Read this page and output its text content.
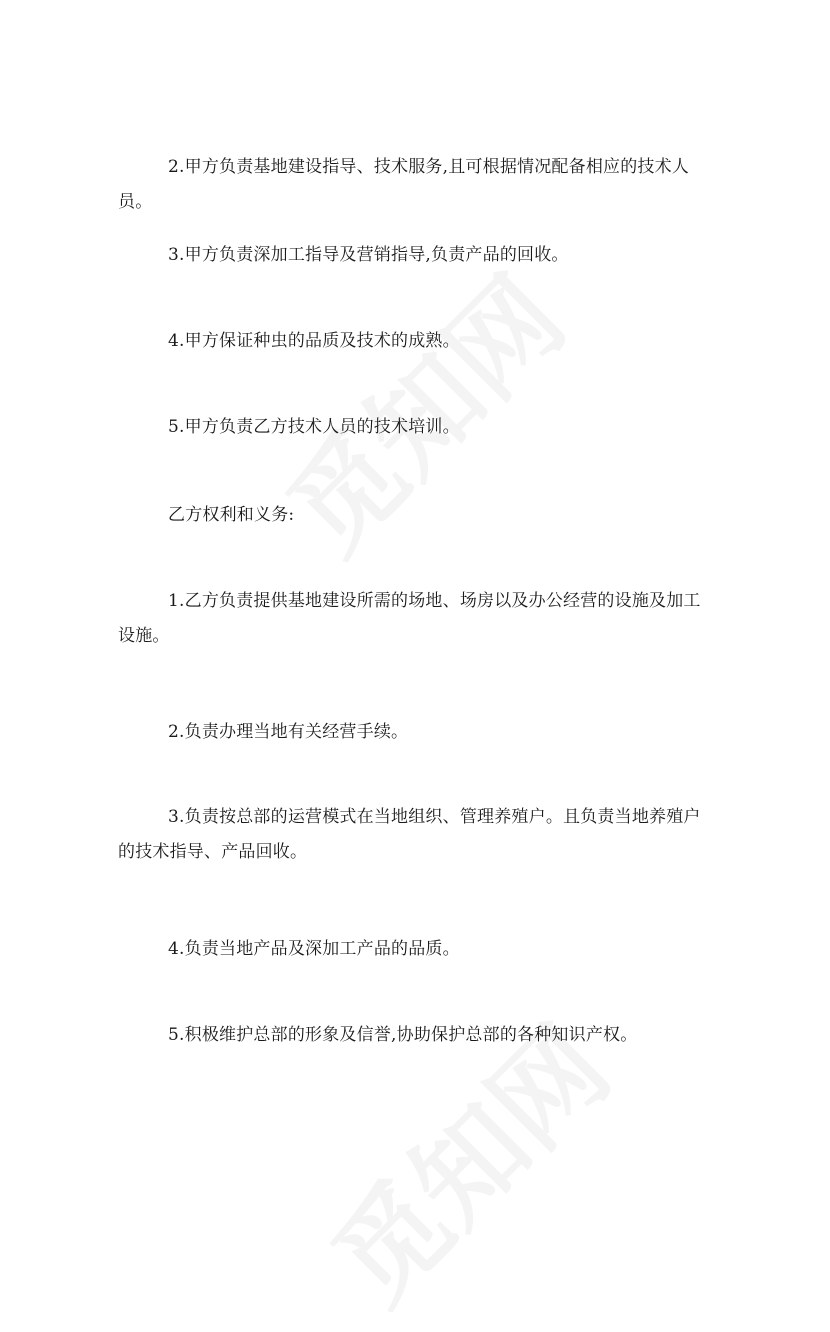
2.甲方负责基地建设指导、技术服务,且可根据情况配备相应的技术人员。

3.甲方负责深加工指导及营销指导,负责产品的回收。

4.甲方保证种虫的品质及技术的成熟。

5.甲方负责乙方技术人员的技术培训。

乙方权利和义务:

1.乙方负责提供基地建设所需的场地、场房以及办公经营的设施及加工设施。

2.负责办理当地有关经营手续。

3.负责按总部的运营模式在当地组织、管理养殖户。且负责当地养殖户的技术指导、产品回收。

4.负责当地产品及深加工产品的品质。

5.积极维护总部的形象及信誉,协助保护总部的各种知识产权。
